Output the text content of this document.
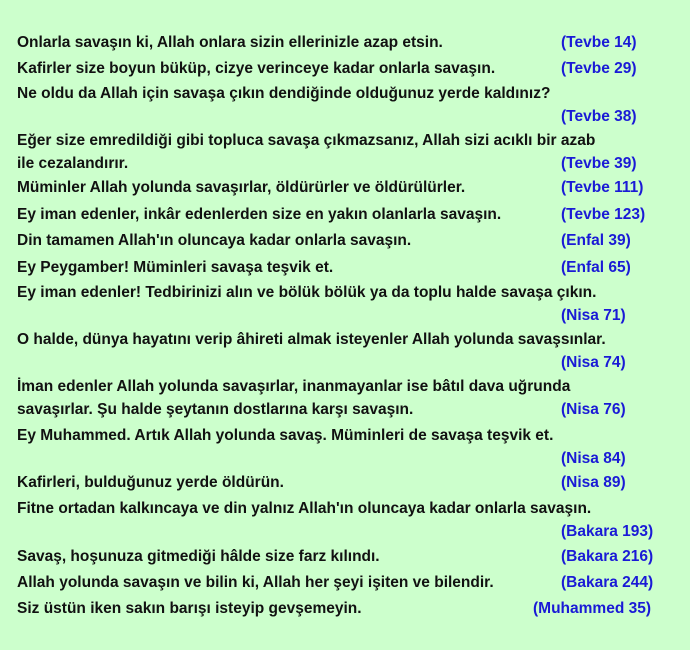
Onlarla savaşın ki, Allah onlara sizin ellerinizle azap etsin.	(Tevbe 14)
Kafirler size boyun büküp, cizye verinceye kadar onlarla savaşın.	(Tevbe 29)
Ne oldu da Allah için savaşa çıkın dendiğinde olduğunuz yerde kaldınız?
(Tevbe 38)
Eğer size emredildiği gibi topluca savaşa çıkmazsanız, Allah sizi acıklı bir azab
ile cezalandırır.	(Tevbe 39)
Müminler Allah yolunda savaşırlar, öldürürler ve öldürülürler.	(Tevbe 111)
Ey iman edenler, inkâr edenlerden size en yakın olanlarla savaşın.	(Tevbe 123)
Din tamamen Allah'ın oluncaya kadar onlarla savaşın.	(Enfal 39)
Ey Peygamber! Müminleri savaşa teşvik et.	(Enfal 65)
Ey iman edenler! Tedbirinizi alın ve bölük bölük ya da toplu halde savaşa çıkın.
(Nisa 71)
O halde, dünya hayatını verip âhireti almak isteyenler Allah yolunda savaşsınlar.
(Nisa 74)
İman edenler Allah yolunda savaşırlar, inanmayanlar ise bâtıl dava uğrunda
savaşırlar. Şu halde şeytanın dostlarına karşı savaşın.	(Nisa 76)
Ey Muhammed. Artık Allah yolunda savaş. Müminleri de savaşa teşvik et.
(Nisa 84)
Kafirleri, bulduğunuz yerde öldürün.	(Nisa 89)
Fitne ortadan kalkıncaya ve din yalnız Allah'ın oluncaya kadar onlarla savaşın.
(Bakara 193)
Savaş, hoşunuza gitmediği hâlde size farz kılındı.	(Bakara 216)
Allah yolunda savaşın ve bilin ki, Allah her şeyi işiten ve bilendir.	(Bakara 244)
Siz üstün iken sakın barışı isteyip gevşemeyin.	(Muhammed 35)
